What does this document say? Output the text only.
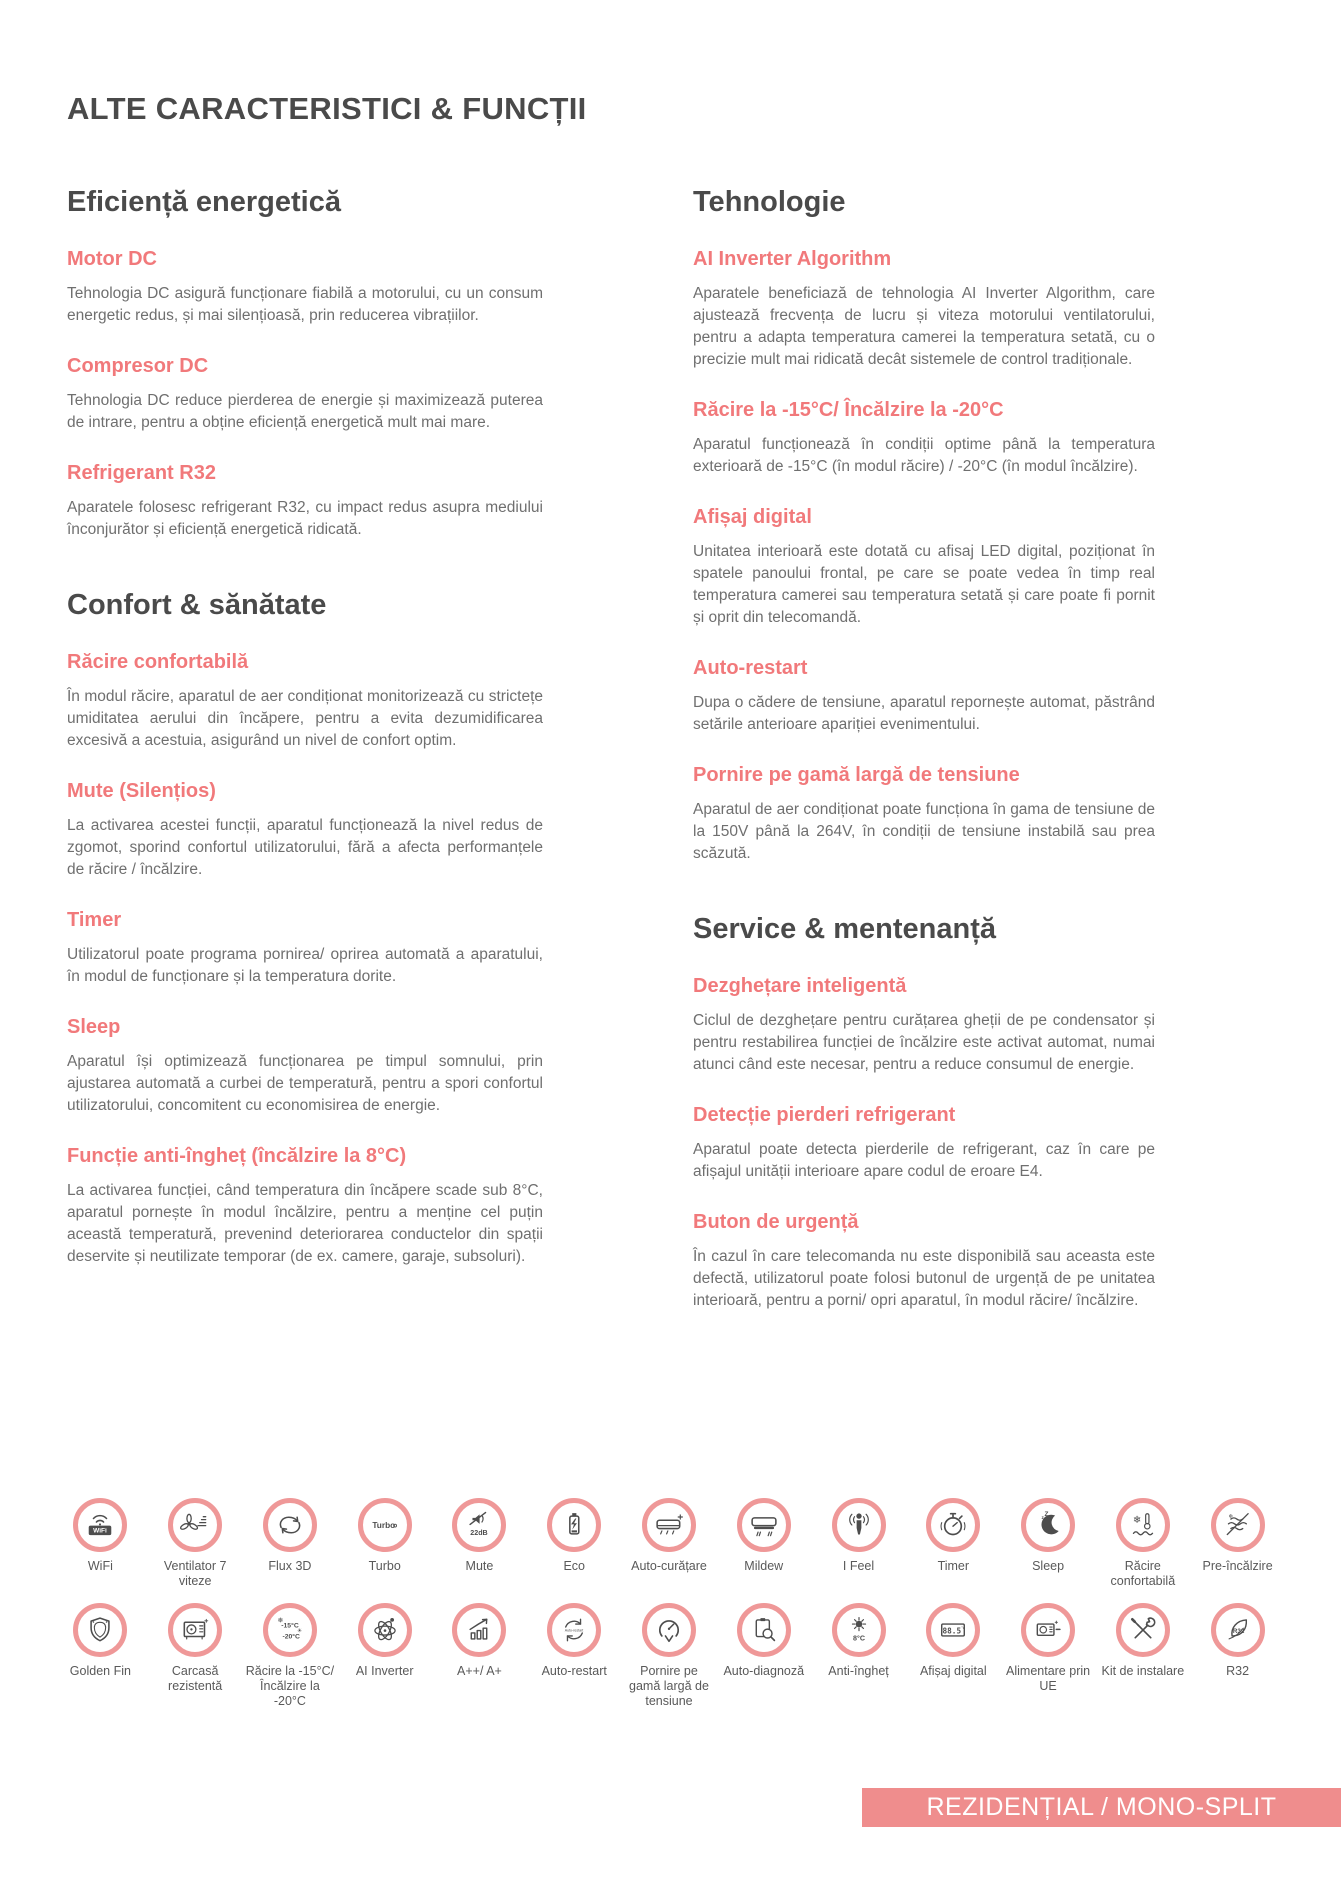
ALTE CARACTERISTICI & FUNCȚII
Eficiență energetică
Motor DC

Tehnologia DC asigură funcționare fiabilă a motorului, cu un consum energetic redus, și mai silențioasă, prin reducerea vibrațiilor.

Compresor DC

Tehnologia DC reduce pierderea de energie și maximizează puterea de intrare, pentru a obține eficiență energetică mult mai mare.

Refrigerant R32

Aparatele folosesc refrigerant R32, cu impact redus asupra mediului înconjurător și eficiență energetică ridicată.

Confort & sănătate
Răcire confortabilă

În modul răcire, aparatul de aer condiționat monitorizează cu strictețe umiditatea aerului din încăpere, pentru a evita dezumidificarea excesivă a acestuia, asigurând un nivel de confort optim.

Mute (Silențios)

La activarea acestei funcții, aparatul funcționează la nivel redus de zgomot, sporind confortul utilizatorului, fără a afecta performanțele de răcire / încălzire.

Timer

Utilizatorul poate programa pornirea/ oprirea automată a aparatului, în modul de funcționare și la temperatura dorite.

Sleep

Aparatul își optimizează funcționarea pe timpul somnului, prin ajustarea automată a curbei de temperatură, pentru a spori confortul utilizatorului, concomitent cu economisirea de energie.

Funcție anti-îngheț (încălzire la 8°C)

La activarea funcției, când temperatura din încăpere scade sub 8°C, aparatul pornește în modul încălzire, pentru a menține cel puțin această temperatură, prevenind deteriorarea conductelor din spații deservite și neutilizate temporar (de ex. camere, garaje, subsoluri).

Tehnologie
AI Inverter Algorithm

Aparatele beneficiază de tehnologia AI Inverter Algorithm, care ajustează frecvența de lucru și viteza motorului ventilatorului, pentru a adapta temperatura camerei la temperatura setată, cu o precizie mult mai ridicată decât sistemele de control tradiționale.

Răcire la -15°C/ Încălzire la -20°C

Aparatul funcționează în condiții optime până la temperatura exterioară de -15°C (în modul răcire) / -20°C (în modul încălzire).

Afișaj digital

Unitatea interioară este dotată cu afisaj LED digital, poziționat în spatele panoului frontal, pe care se poate vedea în timp real temperatura camerei sau temperatura setată și care poate fi pornit și oprit din telecomandă.

Auto-restart

Dupa o cădere de tensiune, aparatul repornește automat, păstrând setările anterioare apariției evenimentului.

Pornire pe gamă largă de tensiune

Aparatul de aer condiționat poate funcționa în gama de tensiune de la 150V până la 264V, în condiții de tensiune instabilă sau prea scăzută.

Service & mentenanță
Dezghețare inteligentă

Ciclul de dezghețare pentru curățarea gheții de pe condensator și pentru restabilirea funcției de încălzire este activat automat, numai atunci când este necesar, pentru a reduce consumul de energie.

Detecție pierderi refrigerant

Aparatul poate detecta pierderile de refrigerant, caz în care pe afișajul unității interioare apare codul de eroare E4.

Buton de urgență

În cazul în care telecomanda nu este disponibilă sau aceasta este defectă, utilizatorul poate folosi butonul de urgență de pe unitatea interioară, pentru a porni/ opri aparatul, în modul răcire/ încălzire.

WiFi
WiFi	Ventilator 7 viteze
Flux 3D
Turbo
Turbo
22dB
Mute	Eco	Auto-curățare	Mildew	I Feel	Timer
z
Z
Sleep
❄
Răcire confortabilă
❄
Pre-încălzire
Golden Fin	Carcasă rezistentă
❄
-15°C
☀
-20°C
Răcire la -15°C/ Încălzire la -20°C
AI Inverter	A++/ A+
Auto-restart
Auto-restart	Pornire pe gamă largă de tensiune
Auto-diagnoză
8°C
Anti-îngheț
88.5 °c
Afișaj digital	Alimentare prin UE
Kit de instalare
R32
R32
REZIDENȚIAL / MONO-SPLIT
